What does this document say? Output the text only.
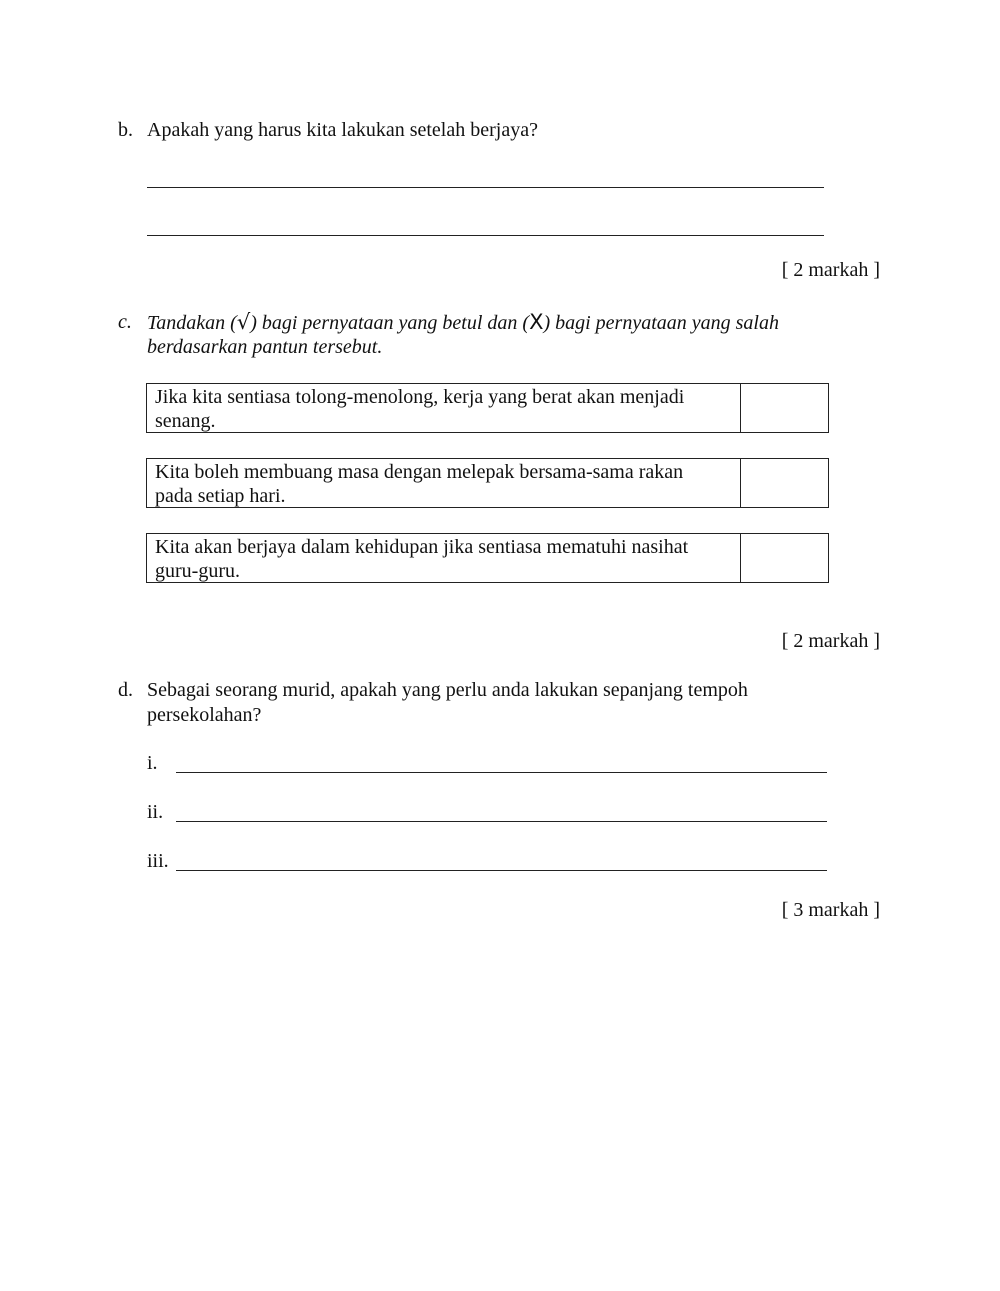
b. Apakah yang harus kita lakukan setelah berjaya?
[ 2 markah ]
c. Tandakan (√) bagi pernyataan yang betul dan (X) bagi pernyataan yang salah
berdasarkan pantun tersebut.
Jika kita sentiasa tolong-menolong, kerja yang berat akan menjadi
senang.
Kita boleh membuang masa dengan melepak bersama-sama rakan
pada setiap hari.
Kita akan berjaya dalam kehidupan jika sentiasa mematuhi nasihat
guru-guru.
[ 2 markah ]
d. Sebagai seorang murid, apakah yang perlu anda lakukan sepanjang tempoh
persekolahan?
i.
ii.
iii.
[ 3 markah ]
